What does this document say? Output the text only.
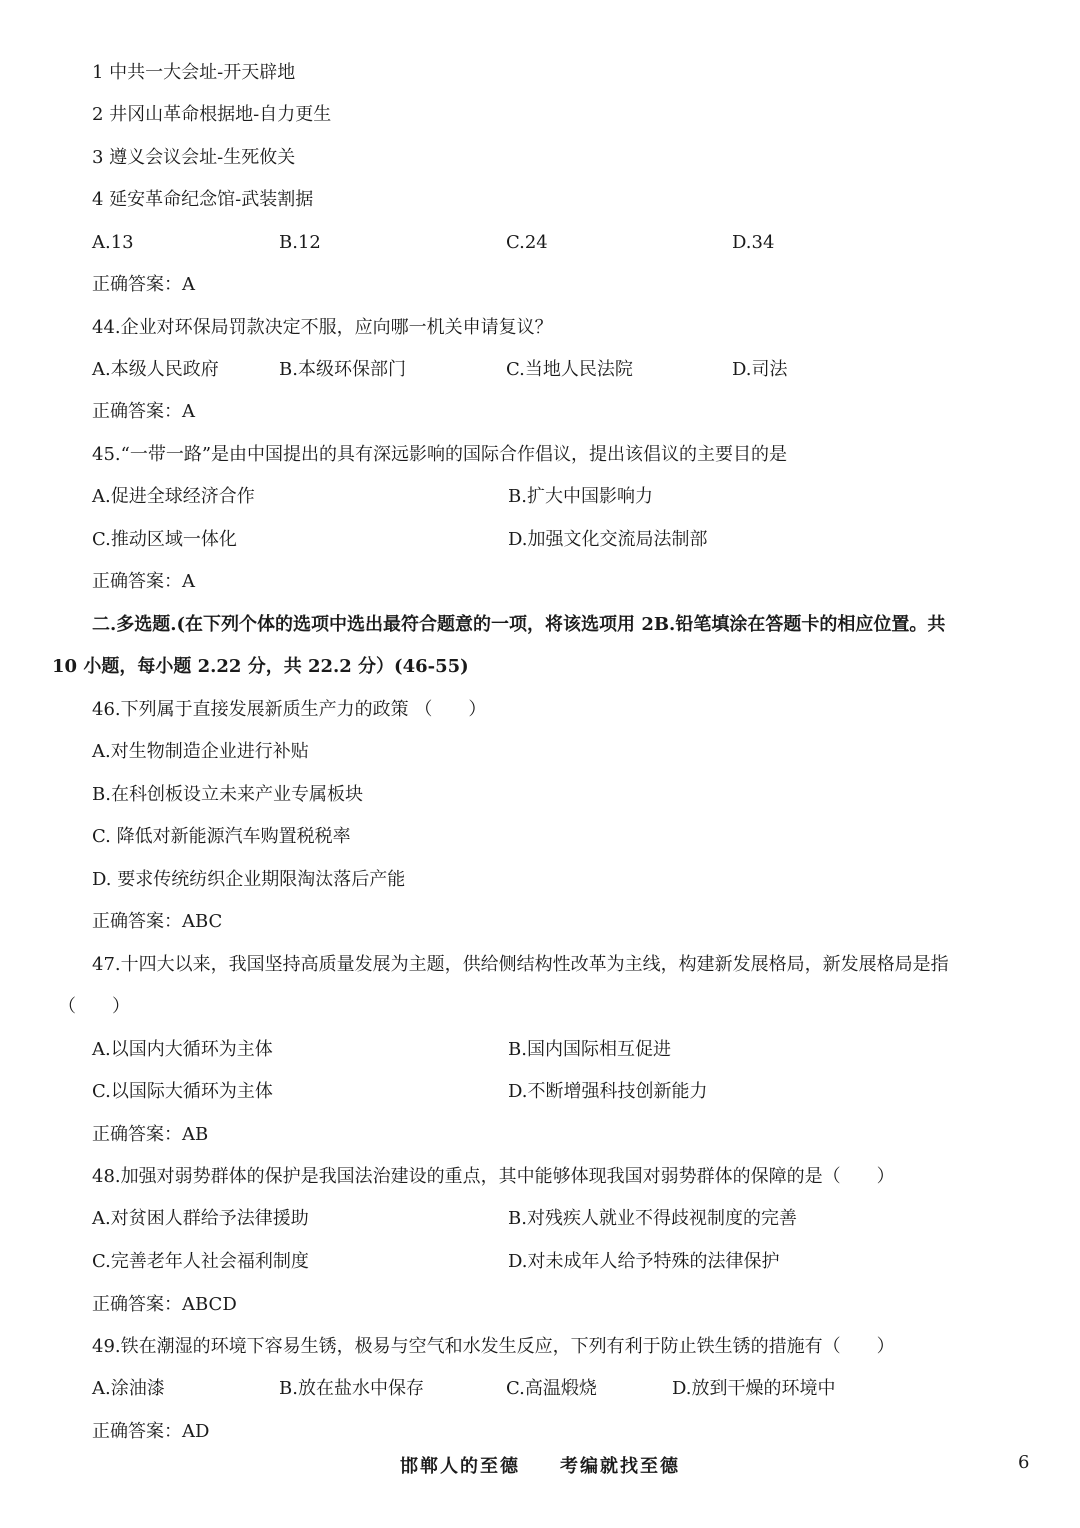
1 中共一大会址-开天辟地
2 井冈山革命根据地-自力更生
3 遵义会议会址-生死攸关
4 延安革命纪念馆-武装割据
A.13	B.12	C.24	D.34
正确答案：A
44.企业对环保局罚款决定不服，应向哪一机关申请复议？
A.本级人民政府	B.本级环保部门	C.当地人民法院	D.司法
正确答案：A
45.“一带一路”是由中国提出的具有深远影响的国际合作倡议，提出该倡议的主要目的是
A.促进全球经济合作	B.扩大中国影响力
C.推动区域一体化	D.加强文化交流局法制部
正确答案：A
二.多选题.(在下列个体的选项中选出最符合题意的一项，将该选项用 2B.铅笔填涂在答题卡的相应位置。共
10 小题，每小题 2.22 分，共 22.2 分）(46-55)
46.下列属于直接发展新质生产力的政策 （　　）
A.对生物制造企业进行补贴
B.在科创板设立未来产业专属板块
C. 降低对新能源汽车购置税税率
D. 要求传统纺织企业期限淘汰落后产能
正确答案：ABC
47.十四大以来，我国坚持高质量发展为主题，供给侧结构性改革为主线，构建新发展格局，新发展格局是指
（　　）
A.以国内大循环为主体	B.国内国际相互促进
C.以国际大循环为主体	D.不断增强科技创新能力
正确答案：AB
48.加强对弱势群体的保护是我国法治建设的重点，其中能够体现我国对弱势群体的保障的是（　　）
A.对贫困人群给予法律援助	B.对残疾人就业不得歧视制度的完善
C.完善老年人社会福利制度	D.对未成年人给予特殊的法律保护
正确答案：ABCD
49.铁在潮湿的环境下容易生锈，极易与空气和水发生反应，下列有利于防止铁生锈的措施有（　　）
A.涂油漆	B.放在盐水中保存	C.高温煅烧	D.放到干燥的环境中
正确答案：AD
邯郸人的至德　　考编就找至德	6
